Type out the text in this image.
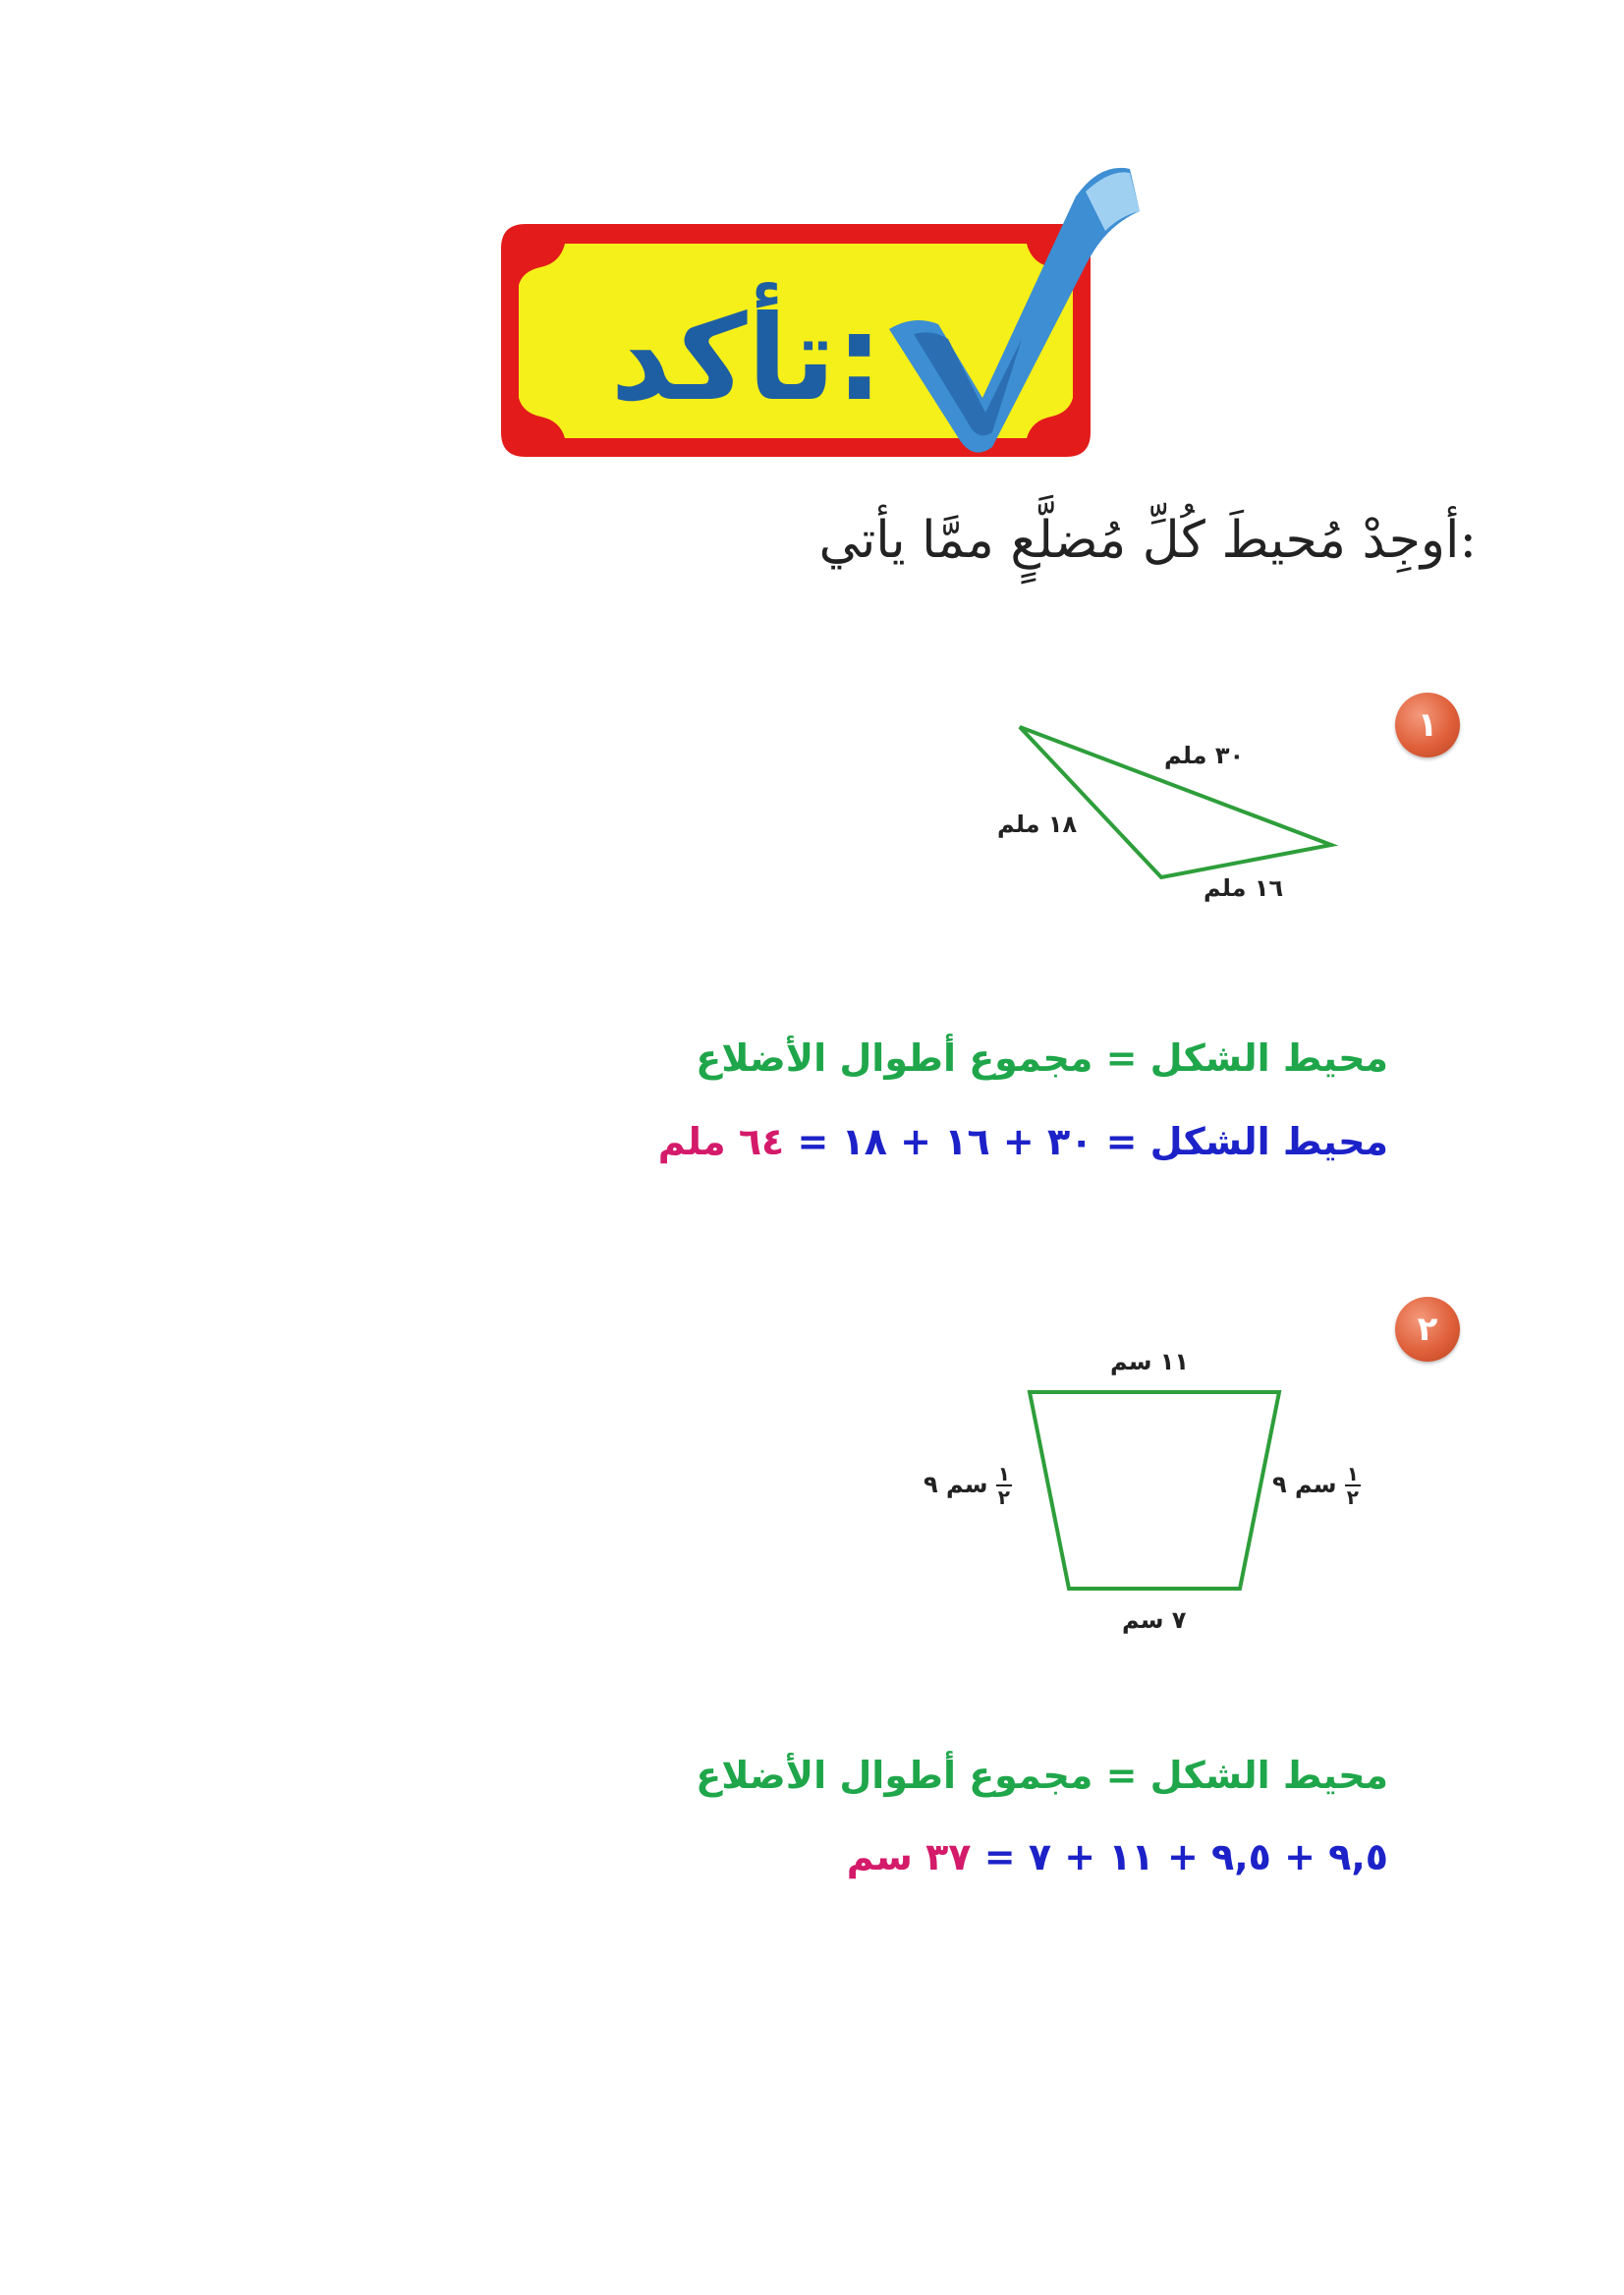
تأكد:
أوجِدْ مُحيطَ كُلِّ مُضلَّعٍ ممَّا يأتي:
١
٣٠ ملم
١٨ ملم
١٦ ملم
محيط الشكل = مجموع أطوال الأضلاع
محيط الشكل = ٣٠ + ١٦ + ١٨ = ٦٤ ملم
٢
١١ سم
٧ سم
سم ٩	$\frac{١}{٢}$	سم ٩	$\frac{١}{٢}$
محيط الشكل = مجموع أطوال الأضلاع
٩,٥ + ٩,٥ + ١١ + ٧ = ٣٧ سم
